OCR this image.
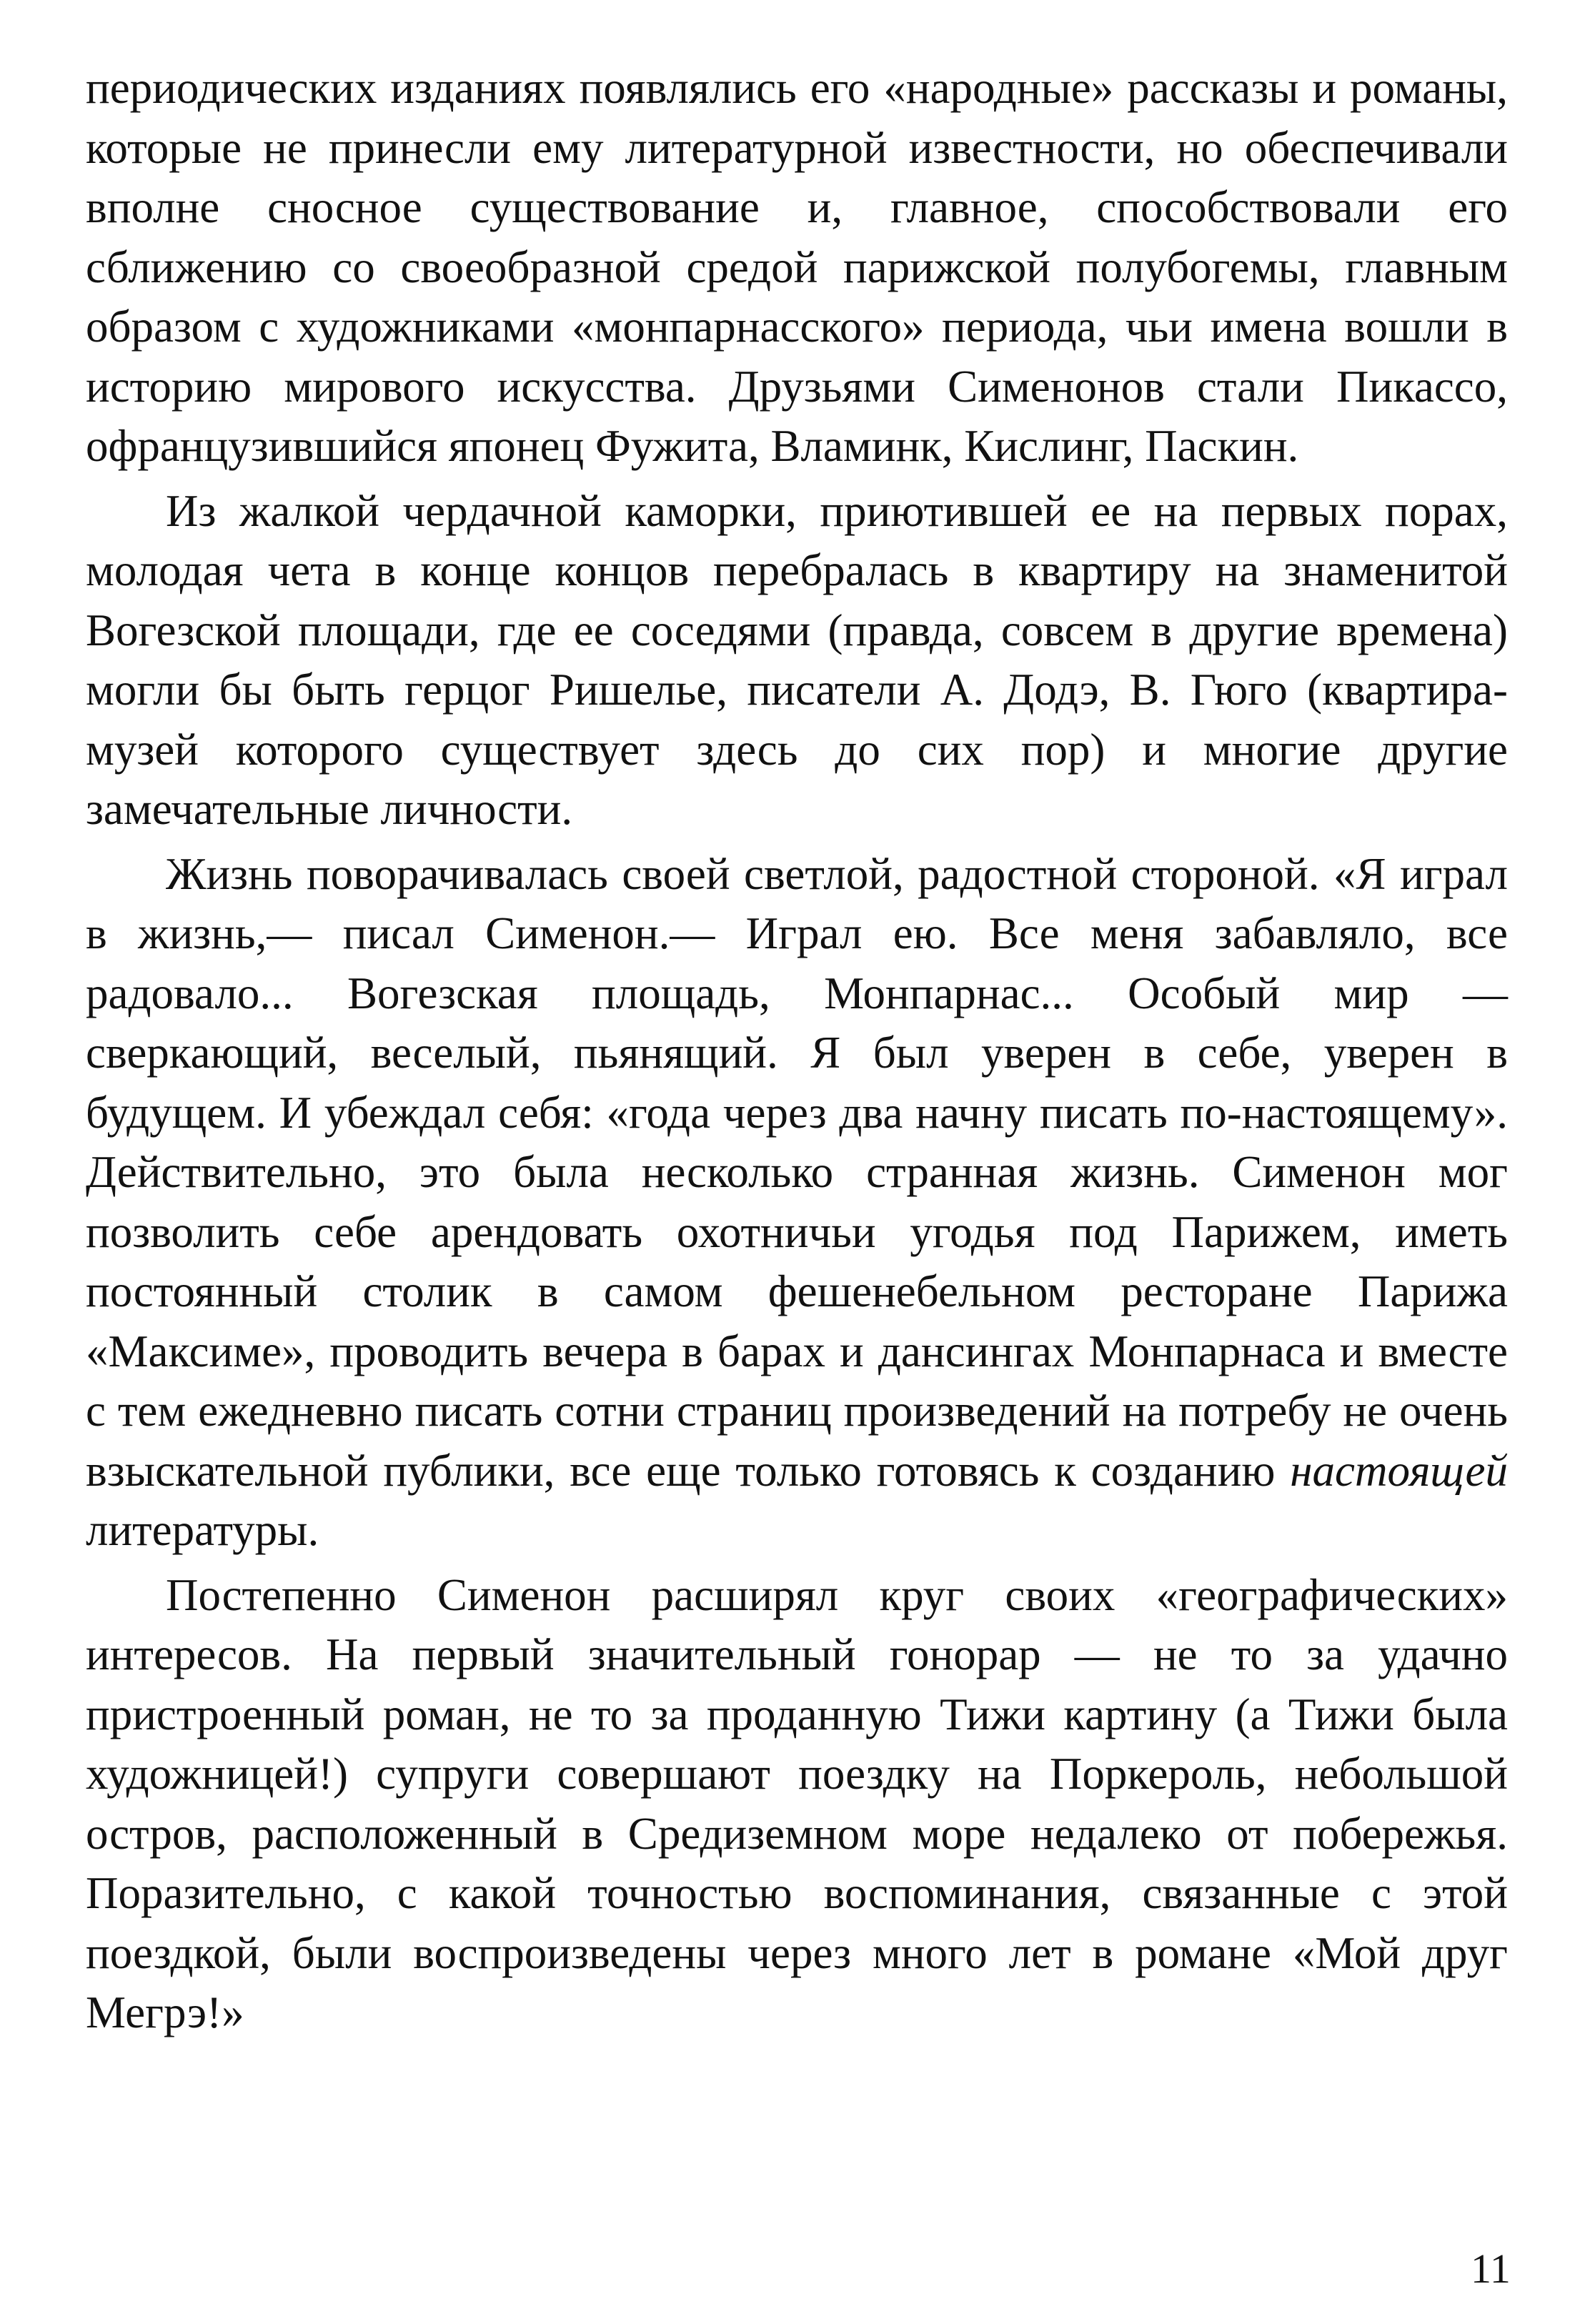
периодических изданиях появлялись его «народные» рассказы и романы, которые не принесли ему литературной известности, но обеспечивали вполне сносное существование и, главное, способствовали его сближению со своеобразной средой парижской полубогемы, главным образом с художниками «монпарнасского» периода, чьи имена вошли в историю мирового искусства. Друзьями Сименонов стали Пикассо, офранцузившийся японец Фужита, Вламинк, Кислинг, Паскин.

Из жалкой чердачной каморки, приютившей ее на первых порах, молодая чета в конце концов перебралась в квартиру на знаменитой Вогезской площади, где ее соседями (правда, совсем в другие времена) могли бы быть герцог Ришелье, писатели А. Додэ, В. Гюго (квартира-музей которого существует здесь до сих пор) и многие другие замечательные личности.

Жизнь поворачивалась своей светлой, радостной стороной. «Я играл в жизнь,— писал Сименон.— Играл ею. Все меня забавляло, все радовало... Вогезская площадь, Монпарнас... Особый мир — сверкающий, веселый, пьянящий. Я был уверен в себе, уверен в будущем. И убеждал себя: «года через два начну писать по-настоящему». Действительно, это была несколько странная жизнь. Сименон мог позволить себе арендовать охотничьи угодья под Парижем, иметь постоянный столик в самом фешенебельном ресторане Парижа «Максиме», проводить вечера в барах и дансингах Монпарнаса и вместе с тем ежедневно писать сотни страниц произведений на потребу не очень взыскательной публики, все еще только готовясь к созданию настоящей литературы.

Постепенно Сименон расширял круг своих «географических» интересов. На первый значительный гонорар — не то за удачно пристроенный роман, не то за проданную Тижи картину (а Тижи была художницей!) супруги совершают поездку на Поркероль, небольшой остров, расположенный в Средиземном море недалеко от побережья. Поразительно, с какой точностью воспоминания, связанные с этой поездкой, были воспроизведены через много лет в романе «Мой друг Мегрэ!»

11
